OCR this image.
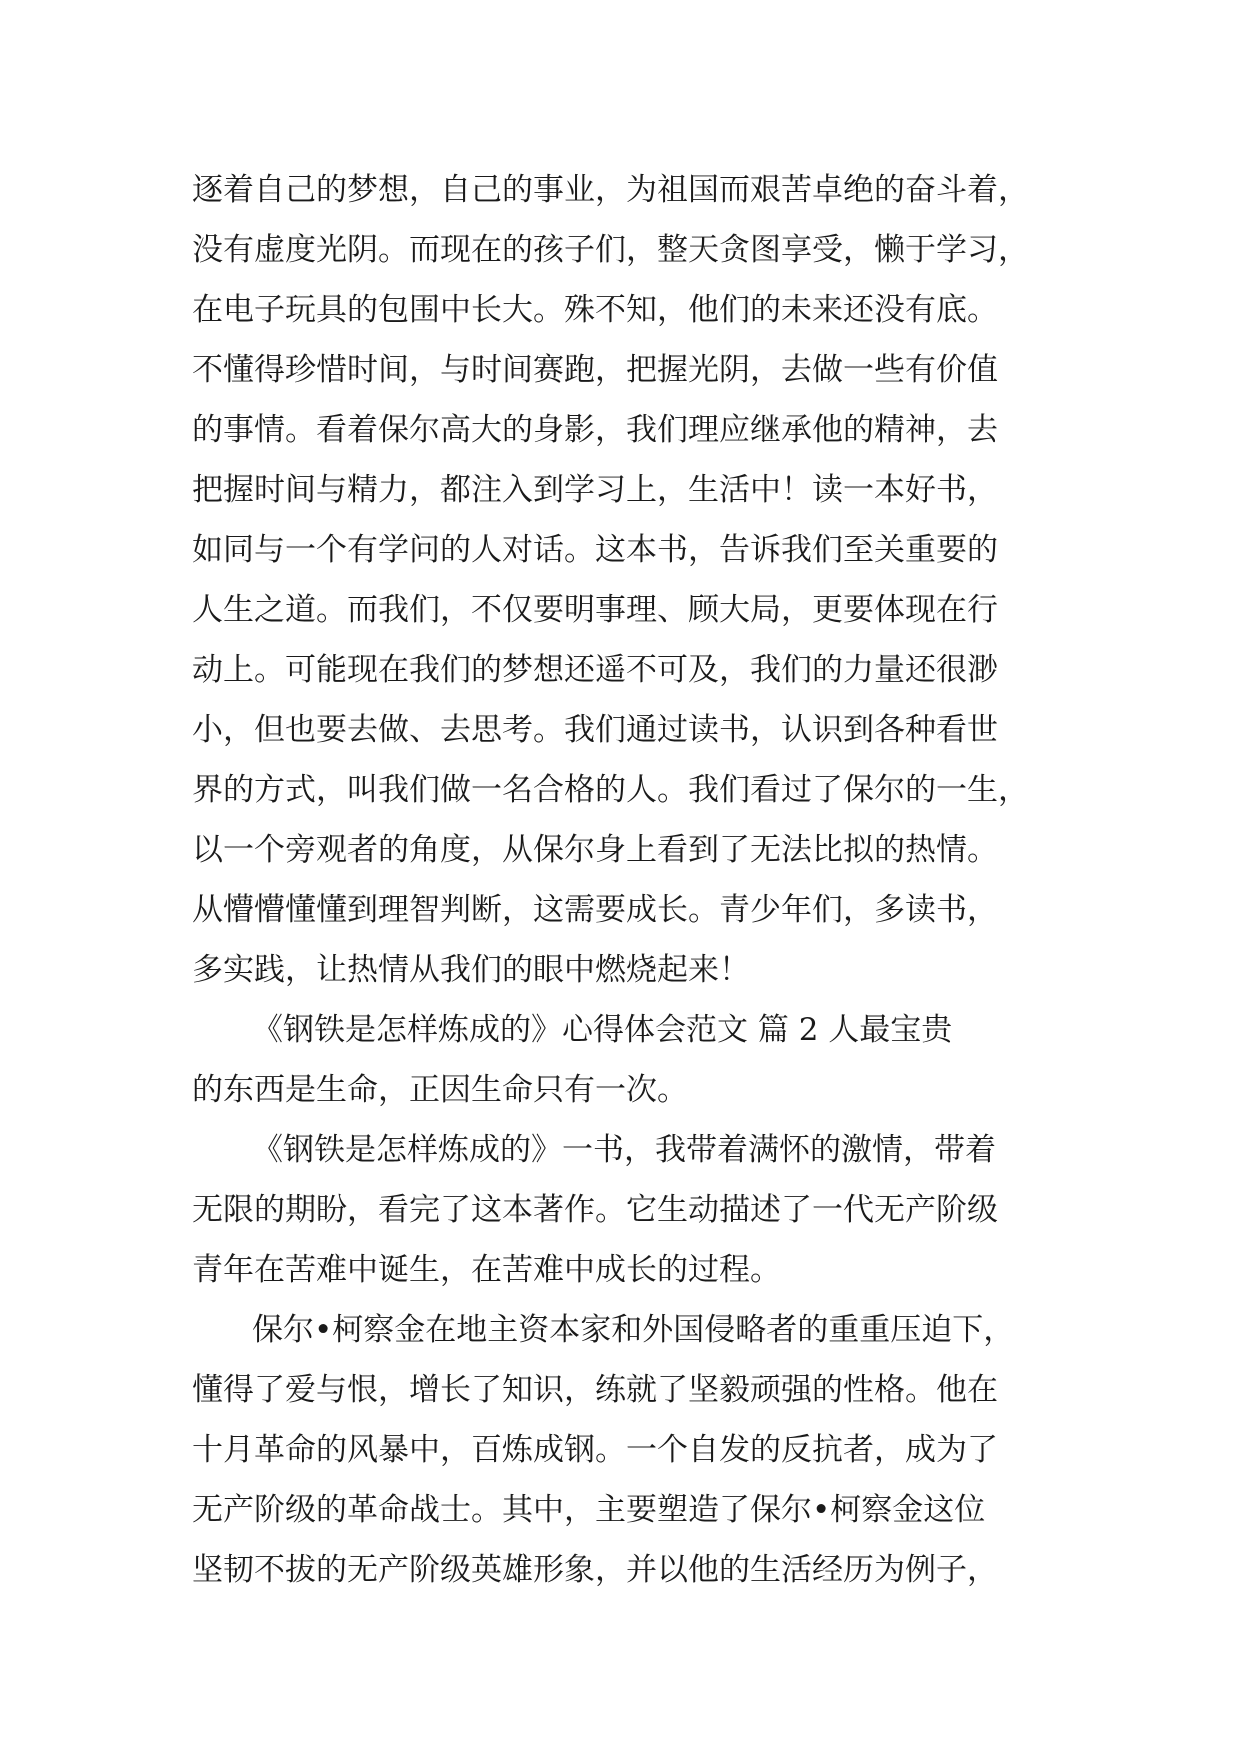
逐着自己的梦想，自己的事业，为祖国而艰苦卓绝的奋斗着，
没有虚度光阴。而现在的孩子们，整天贪图享受，懒于学习，
在电子玩具的包围中长大。殊不知，他们的未来还没有底。
不懂得珍惜时间，与时间赛跑，把握光阴，去做一些有价值
的事情。看着保尔高大的身影，我们理应继承他的精神，去
把握时间与精力，都注入到学习上，生活中！读一本好书，
如同与一个有学问的人对话。这本书，告诉我们至关重要的
人生之道。而我们，不仅要明事理、顾大局，更要体现在行
动上。可能现在我们的梦想还遥不可及，我们的力量还很渺
小，但也要去做、去思考。我们通过读书，认识到各种看世
界的方式，叫我们做一名合格的人。我们看过了保尔的一生，
以一个旁观者的角度，从保尔身上看到了无法比拟的热情。
从懵懵懂懂到理智判断，这需要成长。青少年们，多读书，
多实践，让热情从我们的眼中燃烧起来！
《钢铁是怎样炼成的》心得体会范文 篇 2 人最宝贵
的东西是生命，正因生命只有一次。
《钢铁是怎样炼成的》一书，我带着满怀的激情，带着
无限的期盼，看完了这本著作。它生动描述了一代无产阶级
青年在苦难中诞生，在苦难中成长的过程。
保尔•柯察金在地主资本家和外国侵略者的重重压迫下，
懂得了爱与恨，增长了知识，练就了坚毅顽强的性格。他在
十月革命的风暴中，百炼成钢。一个自发的反抗者，成为了
无产阶级的革命战士。其中，主要塑造了保尔•柯察金这位
坚韧不拔的无产阶级英雄形象，并以他的生活经历为例子，
